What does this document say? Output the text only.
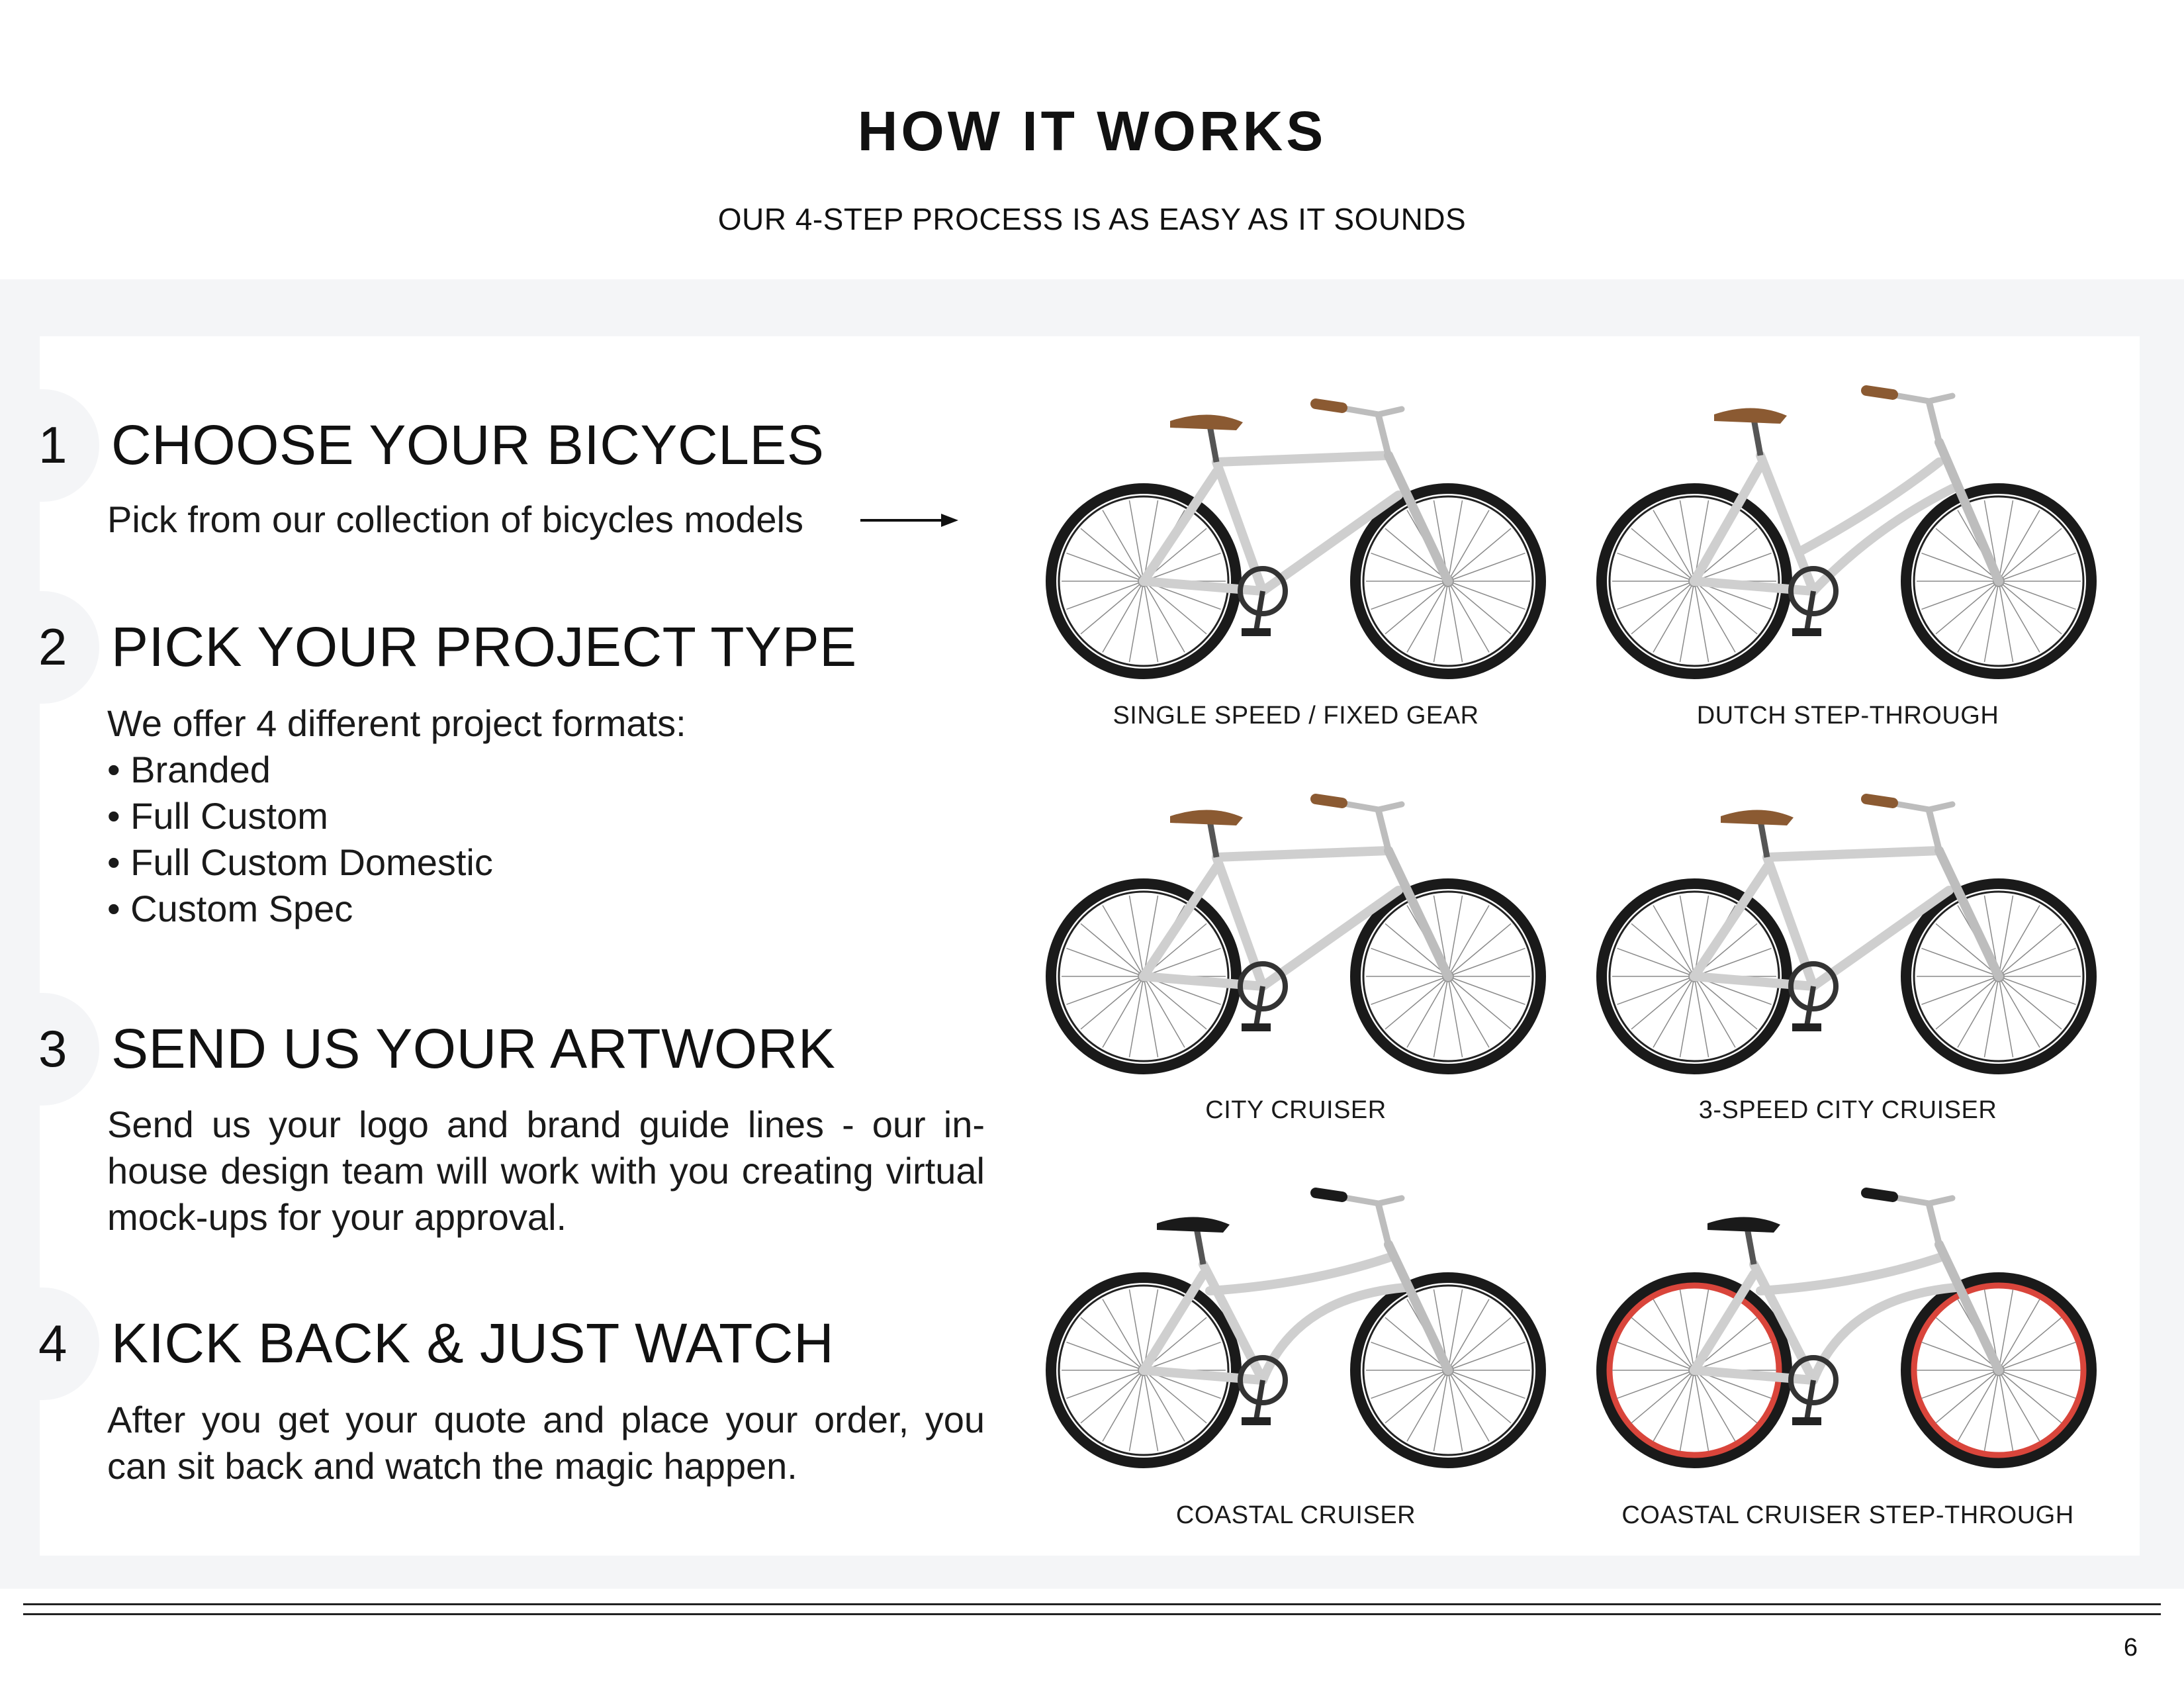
HOW IT WORKS
OUR 4-STEP PROCESS IS AS EASY AS IT SOUNDS
1 CHOOSE YOUR BICYCLES
Pick from our collection of bicycles models
2 PICK YOUR PROJECT TYPE
We offer 4 different project formats:
• Branded
• Full Custom
• Full Custom Domestic
• Custom Spec
3 SEND US YOUR ARTWORK
Send us your logo and brand guide lines - our in-house design team will work with you creating virtual mock-ups for your approval.
4 KICK BACK & JUST WATCH
After you get your quote and place your order, you can sit back and watch the magic happen.
SINGLE SPEED / FIXED GEAR	DUTCH STEP-THROUGH
CITY CRUISER	3-SPEED CITY CRUISER
COASTAL CRUISER	COASTAL CRUISER STEP-THROUGH
6
